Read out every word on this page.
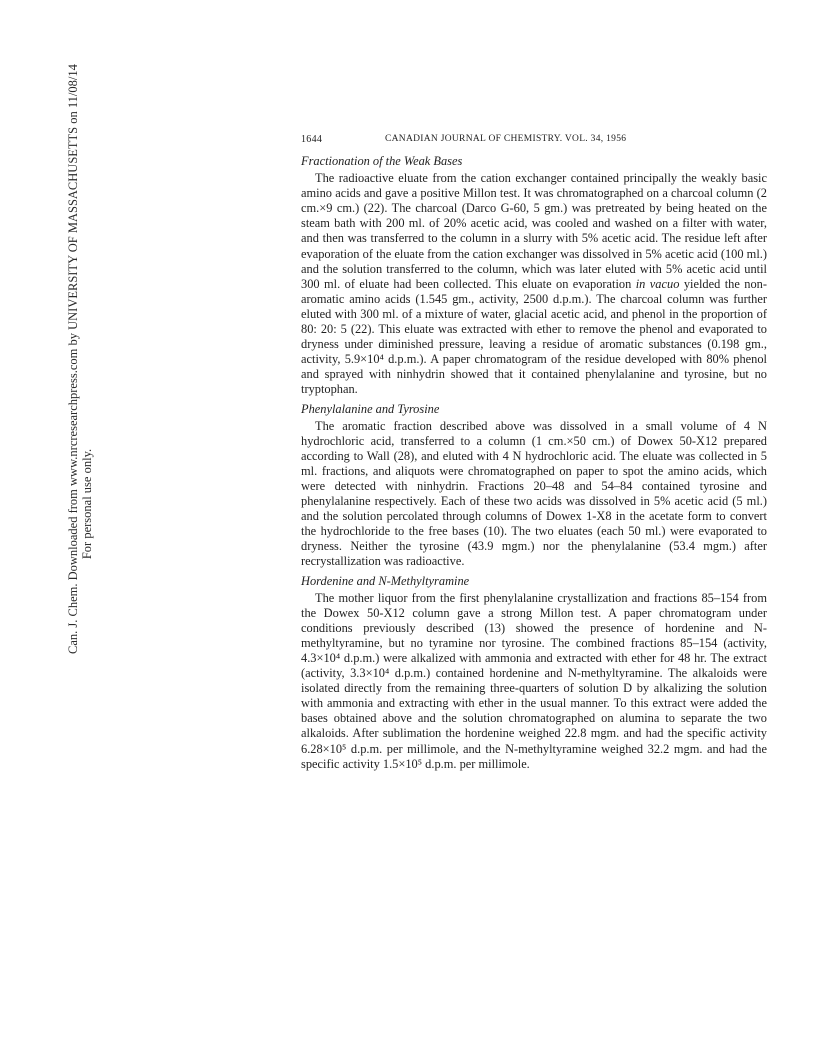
Can. J. Chem. Downloaded from www.nrcresearchpress.com by UNIVERSITY OF MASSACHUSETTS on 11/08/14 For personal use only.
1644	CANADIAN JOURNAL OF CHEMISTRY. VOL. 34, 1956

Fractionation of the Weak Bases

The radioactive eluate from the cation exchanger contained principally the weakly basic amino acids and gave a positive Millon test. It was chromatographed on a charcoal column (2 cm.×9 cm.) (22). The charcoal (Darco G-60, 5 gm.) was pretreated by being heated on the steam bath with 200 ml. of 20% acetic acid, was cooled and washed on a filter with water, and then was transferred to the column in a slurry with 5% acetic acid. The residue left after evaporation of the eluate from the cation exchanger was dissolved in 5% acetic acid (100 ml.) and the solution transferred to the column, which was later eluted with 5% acetic acid until 300 ml. of eluate had been collected. This eluate on evaporation in vacuo yielded the non-aromatic amino acids (1.545 gm., activity, 2500 d.p.m.). The charcoal column was further eluted with 300 ml. of a mixture of water, glacial acetic acid, and phenol in the proportion of 80: 20: 5 (22). This eluate was extracted with ether to remove the phenol and evaporated to dryness under diminished pressure, leaving a residue of aromatic substances (0.198 gm., activity, 5.9×10⁴ d.p.m.). A paper chromatogram of the residue developed with 80% phenol and sprayed with ninhydrin showed that it contained phenylalanine and tyrosine, but no tryptophan.

Phenylalanine and Tyrosine

The aromatic fraction described above was dissolved in a small volume of 4 N hydrochloric acid, transferred to a column (1 cm.×50 cm.) of Dowex 50-X12 prepared according to Wall (28), and eluted with 4 N hydrochloric acid. The eluate was collected in 5 ml. fractions, and aliquots were chromatographed on paper to spot the amino acids, which were detected with ninhydrin. Fractions 20–48 and 54–84 contained tyrosine and phenylalanine respectively. Each of these two acids was dissolved in 5% acetic acid (5 ml.) and the solution percolated through columns of Dowex 1-X8 in the acetate form to convert the hydrochloride to the free bases (10). The two eluates (each 50 ml.) were evaporated to dryness. Neither the tyrosine (43.9 mgm.) nor the phenylalanine (53.4 mgm.) after recrystallization was radioactive.

Hordenine and N-Methyltyramine

The mother liquor from the first phenylalanine crystallization and fractions 85–154 from the Dowex 50-X12 column gave a strong Millon test. A paper chromatogram under conditions previously described (13) showed the presence of hordenine and N-methyltyramine, but no tyramine nor tyrosine. The combined fractions 85–154 (activity, 4.3×10⁴ d.p.m.) were alkalized with ammonia and extracted with ether for 48 hr. The extract (activity, 3.3×10⁴ d.p.m.) contained hordenine and N-methyltyramine. The alkaloids were isolated directly from the remaining three-quarters of solution D by alkalizing the solution with ammonia and extracting with ether in the usual manner. To this extract were added the bases obtained above and the solution chromatographed on alumina to separate the two alkaloids. After sublimation the hordenine weighed 22.8 mgm. and had the specific activity 6.28×10⁵ d.p.m. per millimole, and the N-methyltyramine weighed 32.2 mgm. and had the specific activity 1.5×10⁵ d.p.m. per millimole.
